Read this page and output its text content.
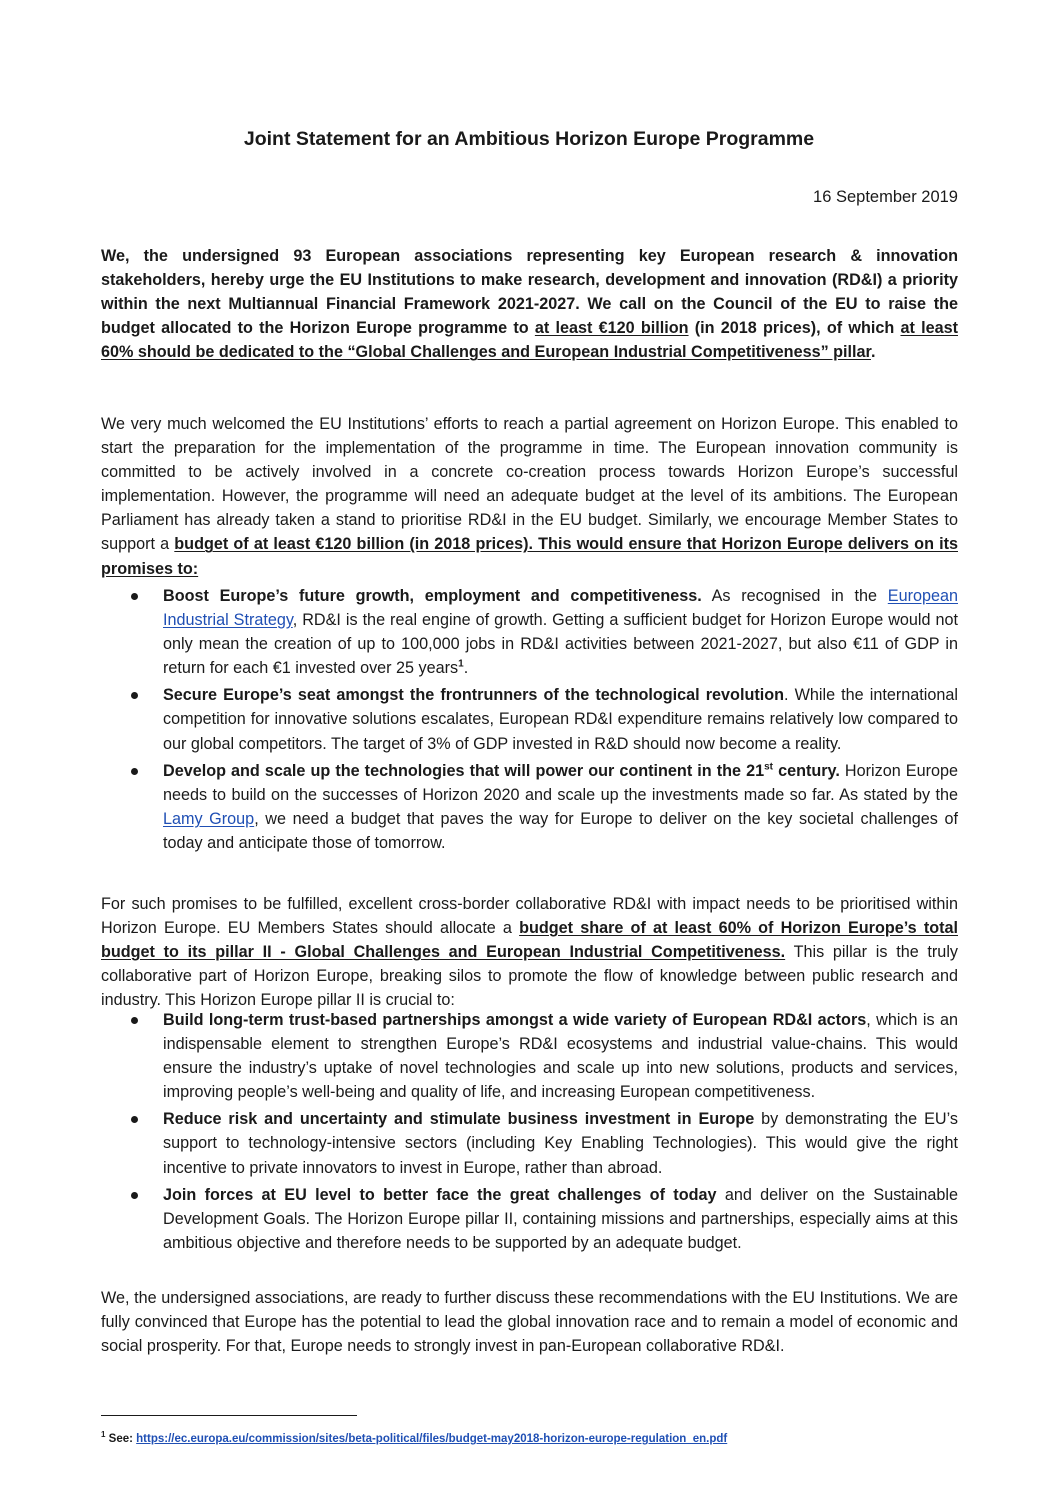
Joint Statement for an Ambitious Horizon Europe Programme
16 September 2019

We, the undersigned 93 European associations representing key European research & innovation stakeholders, hereby urge the EU Institutions to make research, development and innovation (RD&I) a priority within the next Multiannual Financial Framework 2021-2027. We call on the Council of the EU to raise the budget allocated to the Horizon Europe programme to at least €120 billion (in 2018 prices), of which at least 60% should be dedicated to the “Global Challenges and European Industrial Competitiveness” pillar.

We very much welcomed the EU Institutions’ efforts to reach a partial agreement on Horizon Europe. This enabled to start the preparation for the implementation of the programme in time. The European innovation community is committed to be actively involved in a concrete co-creation process towards Horizon Europe’s successful implementation. However, the programme will need an adequate budget at the level of its ambitions. The European Parliament has already taken a stand to prioritise RD&I in the EU budget. Similarly, we encourage Member States to support a budget of at least €120 billion (in 2018 prices). This would ensure that Horizon Europe delivers on its promises to:

Boost Europe’s future growth, employment and competitiveness. As recognised in the European Industrial Strategy, RD&I is the real engine of growth. Getting a sufficient budget for Horizon Europe would not only mean the creation of up to 100,000 jobs in RD&I activities between 2021-2027, but also €11 of GDP in return for each €1 invested over 25 years$^1$.
Secure Europe’s seat amongst the frontrunners of the technological revolution. While the international competition for innovative solutions escalates, European RD&I expenditure remains relatively low compared to our global competitors. The target of 3% of GDP invested in R&D should now become a reality.
Develop and scale up the technologies that will power our continent in the 21st century. Horizon Europe needs to build on the successes of Horizon 2020 and scale up the investments made so far. As stated by the Lamy Group, we need a budget that paves the way for Europe to deliver on the key societal challenges of today and anticipate those of tomorrow.

For such promises to be fulfilled, excellent cross-border collaborative RD&I with impact needs to be prioritised within Horizon Europe. EU Members States should allocate a budget share of at least 60% of Horizon Europe’s total budget to its pillar II - Global Challenges and European Industrial Competitiveness. This pillar is the truly collaborative part of Horizon Europe, breaking silos to promote the flow of knowledge between public research and industry. This Horizon Europe pillar II is crucial to:

Build long-term trust-based partnerships amongst a wide variety of European RD&I actors, which is an indispensable element to strengthen Europe’s RD&I ecosystems and industrial value-chains. This would ensure the industry’s uptake of novel technologies and scale up into new solutions, products and services, improving people’s well-being and quality of life, and increasing European competitiveness.
Reduce risk and uncertainty and stimulate business investment in Europe by demonstrating the EU’s support to technology-intensive sectors (including Key Enabling Technologies). This would give the right incentive to private innovators to invest in Europe, rather than abroad.
Join forces at EU level to better face the great challenges of today and deliver on the Sustainable Development Goals. The Horizon Europe pillar II, containing missions and partnerships, especially aims at this ambitious objective and therefore needs to be supported by an adequate budget.

We, the undersigned associations, are ready to further discuss these recommendations with the EU Institutions. We are fully convinced that Europe has the potential to lead the global innovation race and to remain a model of economic and social prosperity. For that, Europe needs to strongly invest in pan-European collaborative RD&I.

$^1$ See: https://ec.europa.eu/commission/sites/beta-political/files/budget-may2018-horizon-europe-regulation_en.pdf
